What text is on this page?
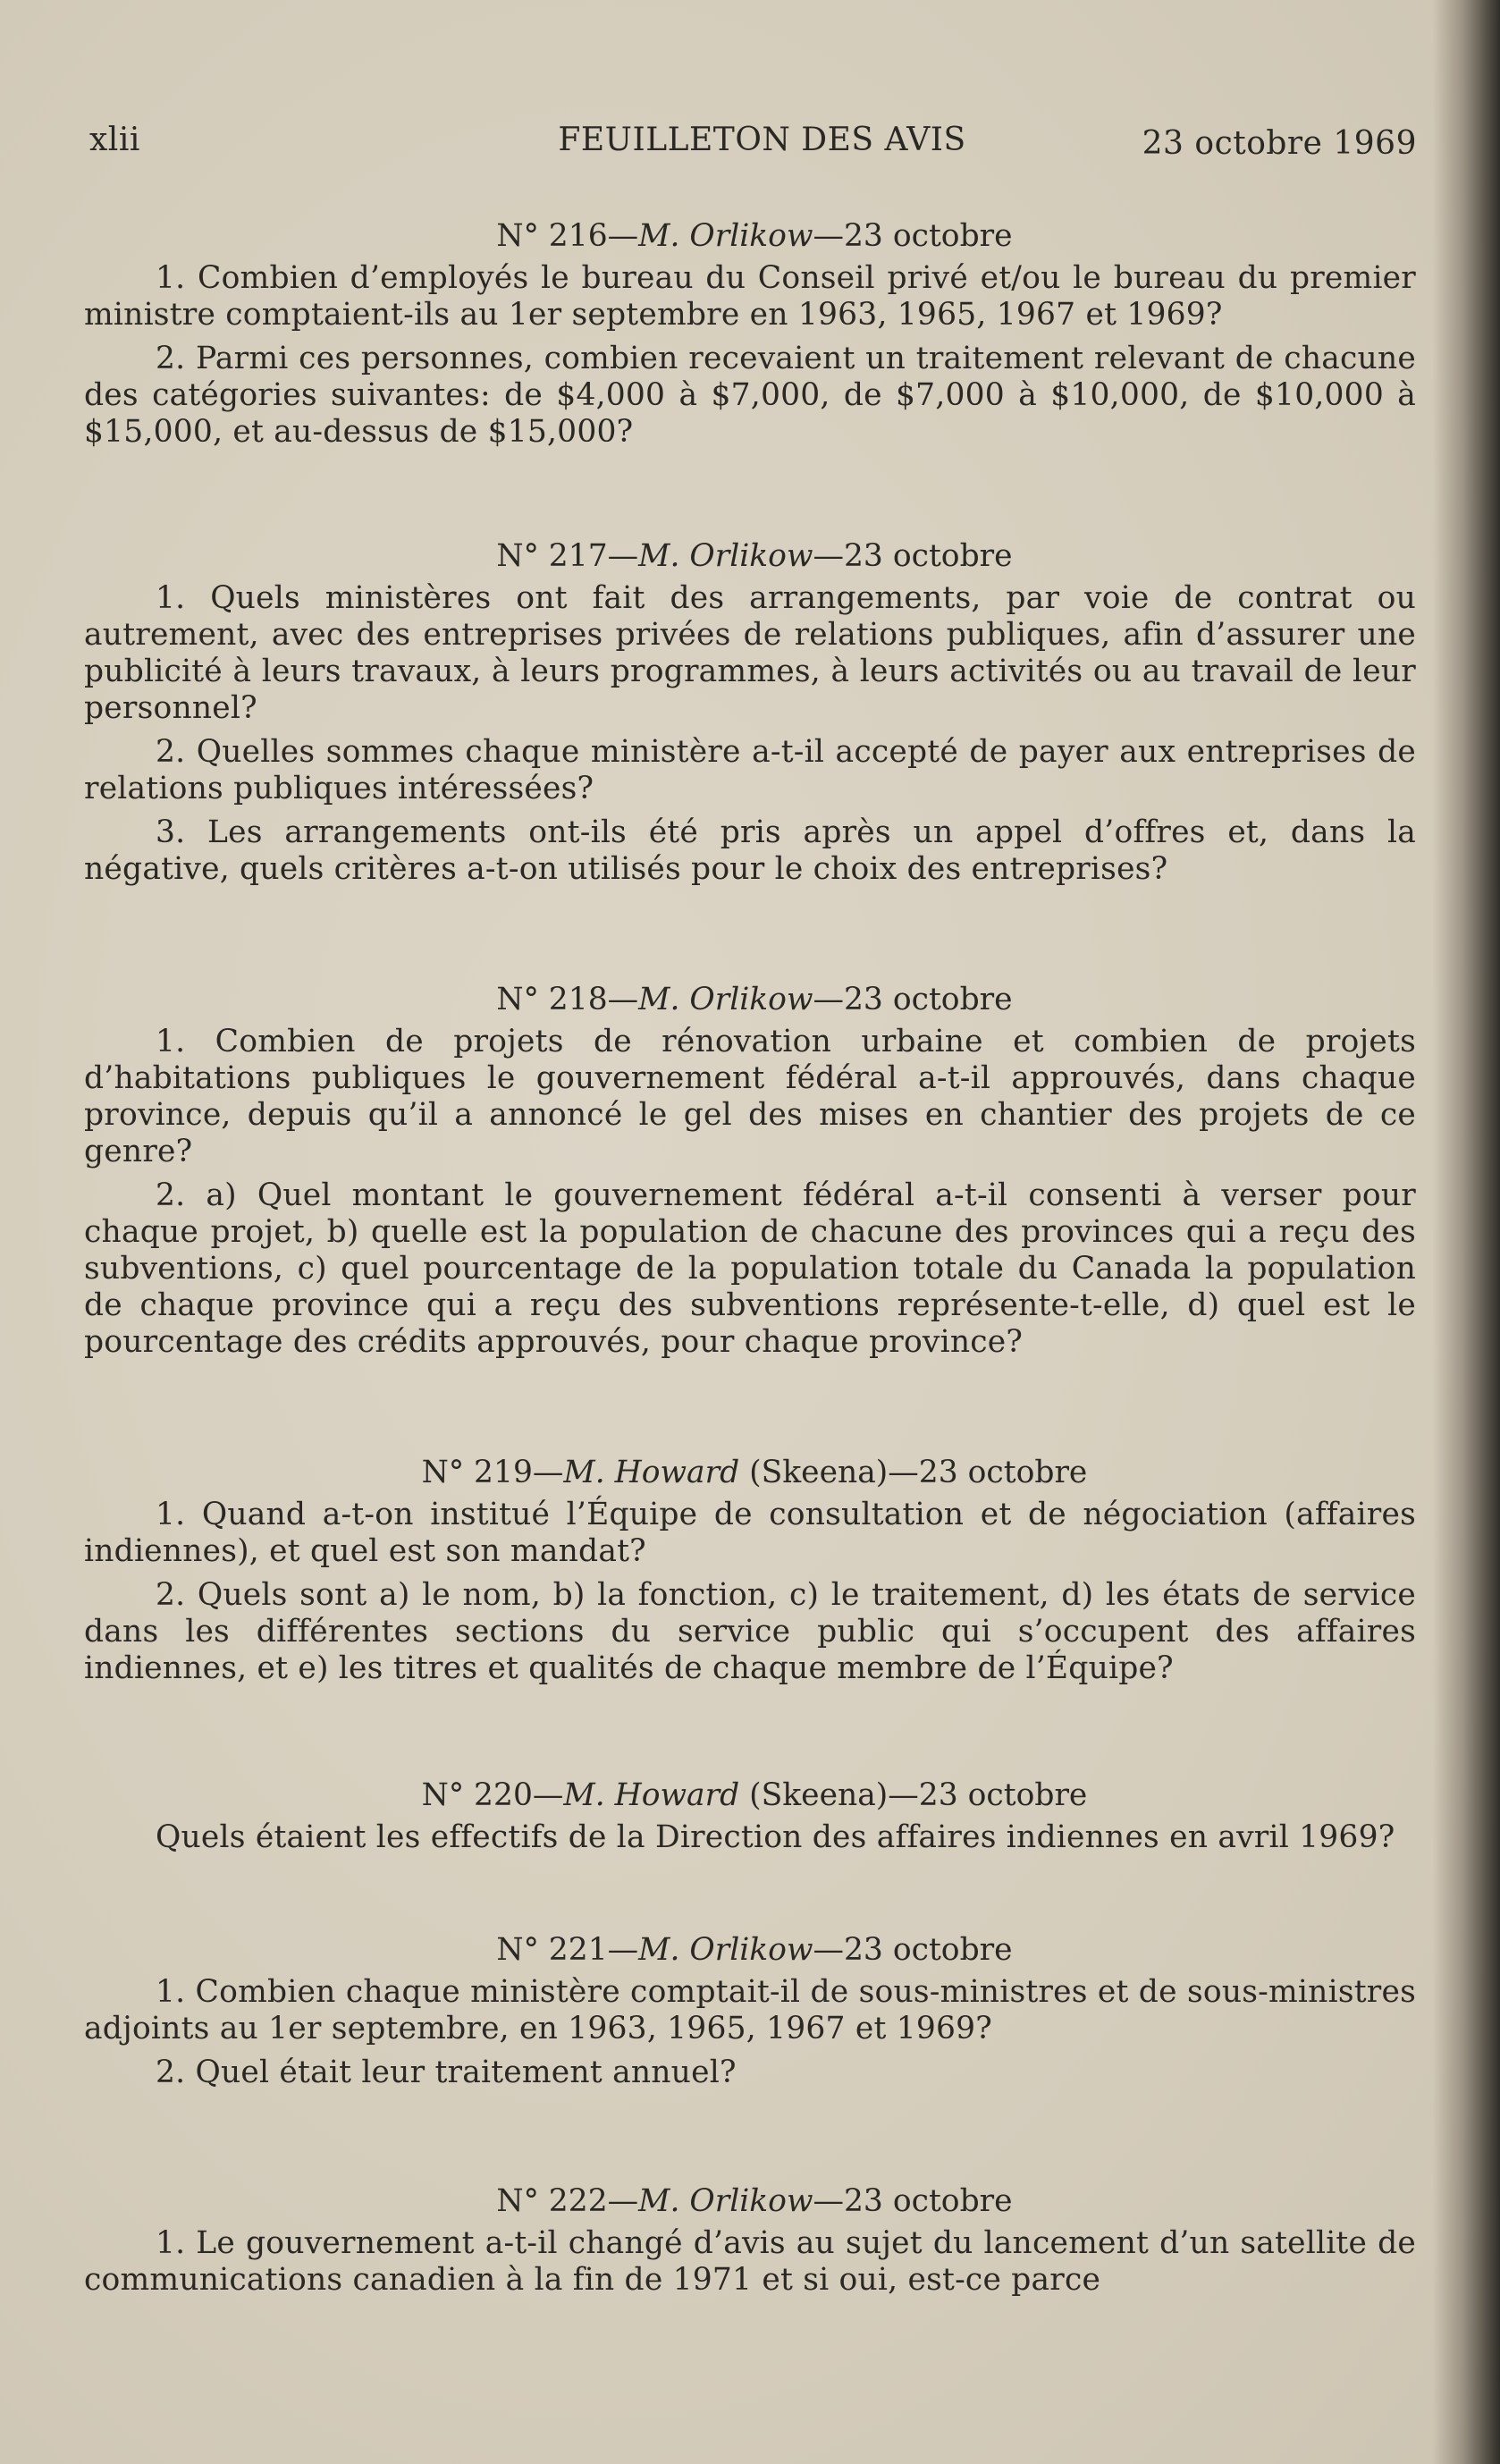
xlii	FEUILLETON DES AVIS	23 octobre 1969
N° 216—M. Orlikow—23 octobre

1. Combien d’employés le bureau du Conseil privé et/ou le bureau du premier ministre comptaient-ils au 1er septembre en 1963, 1965, 1967 et 1969?

2. Parmi ces personnes, combien recevaient un traitement relevant de chacune des catégories suivantes: de $4,000 à $7,000, de $7,000 à $10,000, de $10,000 à $15,000, et au-dessus de $15,000?

N° 217—M. Orlikow—23 octobre

1. Quels ministères ont fait des arrangements, par voie de contrat ou autrement, avec des entreprises privées de relations publiques, afin d’assurer une publicité à leurs travaux, à leurs programmes, à leurs activités ou au travail de leur personnel?

2. Quelles sommes chaque ministère a-t-il accepté de payer aux entreprises de relations publiques intéressées?

3. Les arrangements ont-ils été pris après un appel d’offres et, dans la négative, quels critères a-t-on utilisés pour le choix des entreprises?

N° 218—M. Orlikow—23 octobre

1. Combien de projets de rénovation urbaine et combien de projets d’habitations publiques le gouvernement fédéral a-t-il approuvés, dans chaque province, depuis qu’il a annoncé le gel des mises en chantier des projets de ce genre?

2. a) Quel montant le gouvernement fédéral a-t-il consenti à verser pour chaque projet, b) quelle est la population de chacune des provinces qui a reçu des subventions, c) quel pourcentage de la population totale du Canada la population de chaque province qui a reçu des subventions représente-t-elle, d) quel est le pourcentage des crédits approuvés, pour chaque province?

N° 219—M. Howard (Skeena)—23 octobre

1. Quand a-t-on institué l’Équipe de consultation et de négociation (affaires indiennes), et quel est son mandat?

2. Quels sont a) le nom, b) la fonction, c) le traitement, d) les états de service dans les différentes sections du service public qui s’occupent des affaires indiennes, et e) les titres et qualités de chaque membre de l’Équipe?

N° 220—M. Howard (Skeena)—23 octobre

Quels étaient les effectifs de la Direction des affaires indiennes en avril 1969?

N° 221—M. Orlikow—23 octobre

1. Combien chaque ministère comptait-il de sous-ministres et de sous-ministres adjoints au 1er septembre, en 1963, 1965, 1967 et 1969?

2. Quel était leur traitement annuel?

N° 222—M. Orlikow—23 octobre

1. Le gouvernement a-t-il changé d’avis au sujet du lancement d’un satellite de communications canadien à la fin de 1971 et si oui, est-ce parce
